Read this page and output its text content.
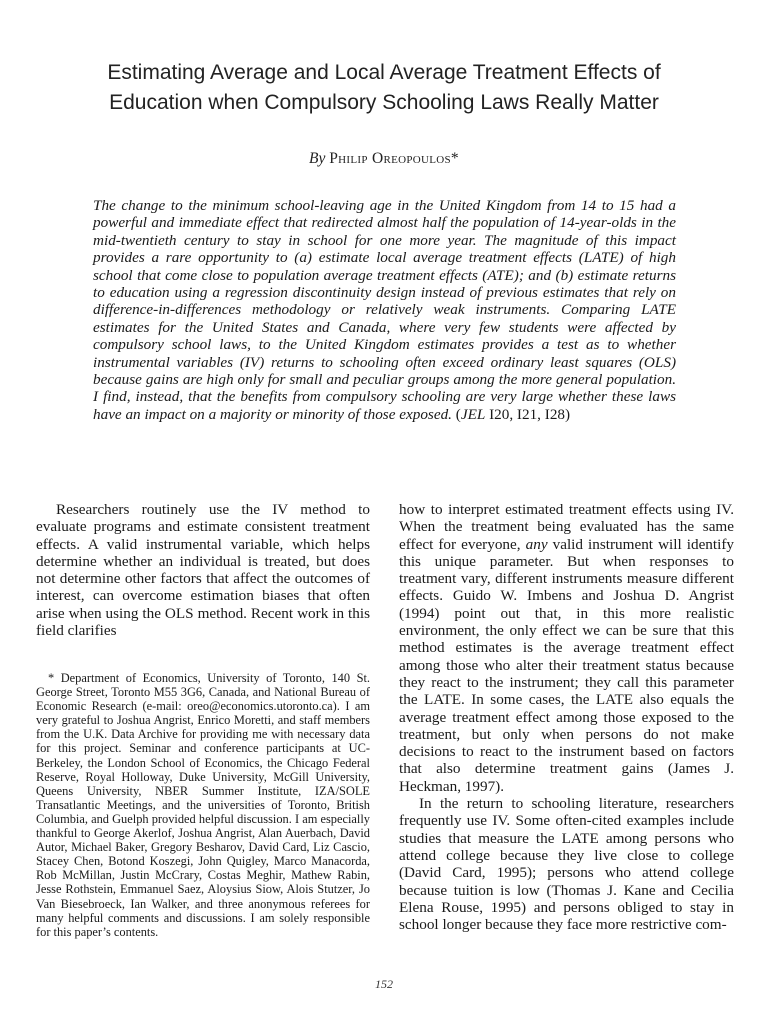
Estimating Average and Local Average Treatment Effects of
Education when Compulsory Schooling Laws Really Matter
By Philip Oreopoulos*
The change to the minimum school-leaving age in the United Kingdom from 14 to 15 had a powerful and immediate effect that redirected almost half the population of 14-year-olds in the mid-twentieth century to stay in school for one more year. The magnitude of this impact provides a rare opportunity to (a) estimate local average treatment effects (LATE) of high school that come close to population average treatment effects (ATE); and (b) estimate returns to education using a regression discontinuity design instead of previous estimates that rely on difference-in-differences methodology or relatively weak instruments. Comparing LATE estimates for the United States and Canada, where very few students were affected by compulsory school laws, to the United Kingdom estimates provides a test as to whether instrumental variables (IV) returns to schooling often exceed ordinary least squares (OLS) because gains are high only for small and peculiar groups among the more general population. I find, instead, that the benefits from compulsory schooling are very large whether these laws have an impact on a majority or minority of those exposed. (JEL I20, I21, I28)

Researchers routinely use the IV method to evaluate programs and estimate consistent treatment effects. A valid instrumental variable, which helps determine whether an individual is treated, but does not determine other factors that affect the outcomes of interest, can overcome estimation biases that often arise when using the OLS method. Recent work in this field clarifies

* Department of Economics, University of Toronto, 140 St. George Street, Toronto M55 3G6, Canada, and National Bureau of Economic Research (e-mail: oreo@economics.utoronto.ca). I am very grateful to Joshua Angrist, Enrico Moretti, and staff members from the U.K. Data Archive for providing me with necessary data for this project. Seminar and conference participants at UC-Berkeley, the London School of Economics, the Chicago Federal Reserve, Royal Holloway, Duke University, McGill University, Queens University, NBER Summer Institute, IZA/SOLE Transatlantic Meetings, and the universities of Toronto, British Columbia, and Guelph provided helpful discussion. I am especially thankful to George Akerlof, Joshua Angrist, Alan Auerbach, David Autor, Michael Baker, Gregory Besharov, David Card, Liz Cascio, Stacey Chen, Botond Koszegi, John Quigley, Marco Manacorda, Rob McMillan, Justin McCrary, Costas Meghir, Mathew Rabin, Jesse Rothstein, Emmanuel Saez, Aloysius Siow, Alois Stutzer, Jo Van Biesebroeck, Ian Walker, and three anonymous referees for many helpful comments and discussions. I am solely responsible for this paper’s contents.

how to interpret estimated treatment effects using IV. When the treatment being evaluated has the same effect for everyone, any valid instrument will identify this unique parameter. But when responses to treatment vary, different instruments measure different effects. Guido W. Imbens and Joshua D. Angrist (1994) point out that, in this more realistic environment, the only effect we can be sure that this method estimates is the average treatment effect among those who alter their treatment status because they react to the instrument; they call this parameter the LATE. In some cases, the LATE also equals the average treatment effect among those exposed to the treatment, but only when persons do not make decisions to react to the instrument based on factors that also determine treatment gains (James J. Heckman, 1997).

In the return to schooling literature, researchers frequently use IV. Some often-cited examples include studies that measure the LATE among persons who attend college because they live close to college (David Card, 1995); persons who attend college because tuition is low (Thomas J. Kane and Cecilia Elena Rouse, 1995) and persons obliged to stay in school longer because they face more restrictive com-

152
